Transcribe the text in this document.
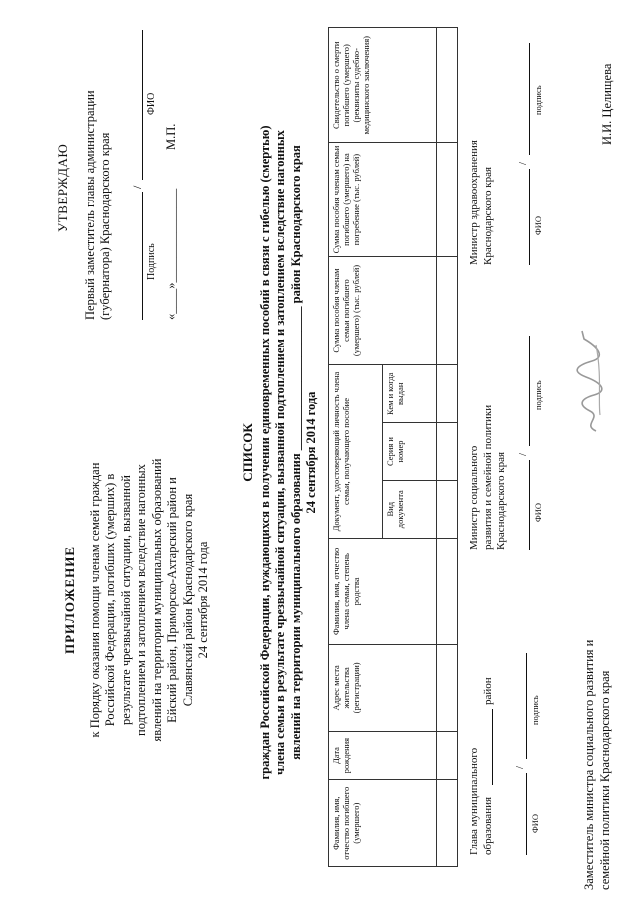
ПРИЛОЖЕНИЕ к Порядку оказания помощи членам семей граждан Российской Федерации, погибших (умерших) в результате чрезвычайной ситуации, вызванной подтоплением и затоплением вследствие нагонных явлений на территории муниципальных образований Ейский район, Приморско-Ахтарский район и Славянский район Краснодарского края 24 сентября 2014 года
УТВЕРЖДАЮ Первый заместитель главы администрации (губернатора) Краснодарского края /
Подпись
ФИО
«____»_______________
М.П.
СПИСОК граждан Российской Федерации, нуждающихся в получении единовременных пособий в связи с гибелью (смертью) члена семьи в результате чрезвычайной ситуации, вызванной подтоплением и затоплением вследствие нагонных явлений на территории муниципального образования _______________________ район Краснодарского края 24 сентября 2014 года
Фамилия, имя, отчество погибшего (умершего)	Дата рождения	Адрес места жительства (регистрации)	Фамилия, имя, отчество члена семьи, степень родства	Документ, удостоверяющий личность члена семьи, получающего пособие			Сумма пособия членам семьи погибшего (умершего) (тыс. рублей)	Сумма пособия членам семьи погибшего (умершего) на погребение (тыс. рублей)	Свидетельство о смерти погибшего (умершего) (реквизиты судебно-медицинского заключения)
				Вид документа	Серия и номер	Кем и когда выдан			

Глава муниципального образования
район
/
ФИО
подпись
Министр социального развития и семейной политики Краснодарского края /
ФИО
подпись
Министр здравоохранения Краснодарского края
/
ФИО
подпись
Заместитель министра социального развития и семейной политики Краснодарского края
И.И. Целищева
